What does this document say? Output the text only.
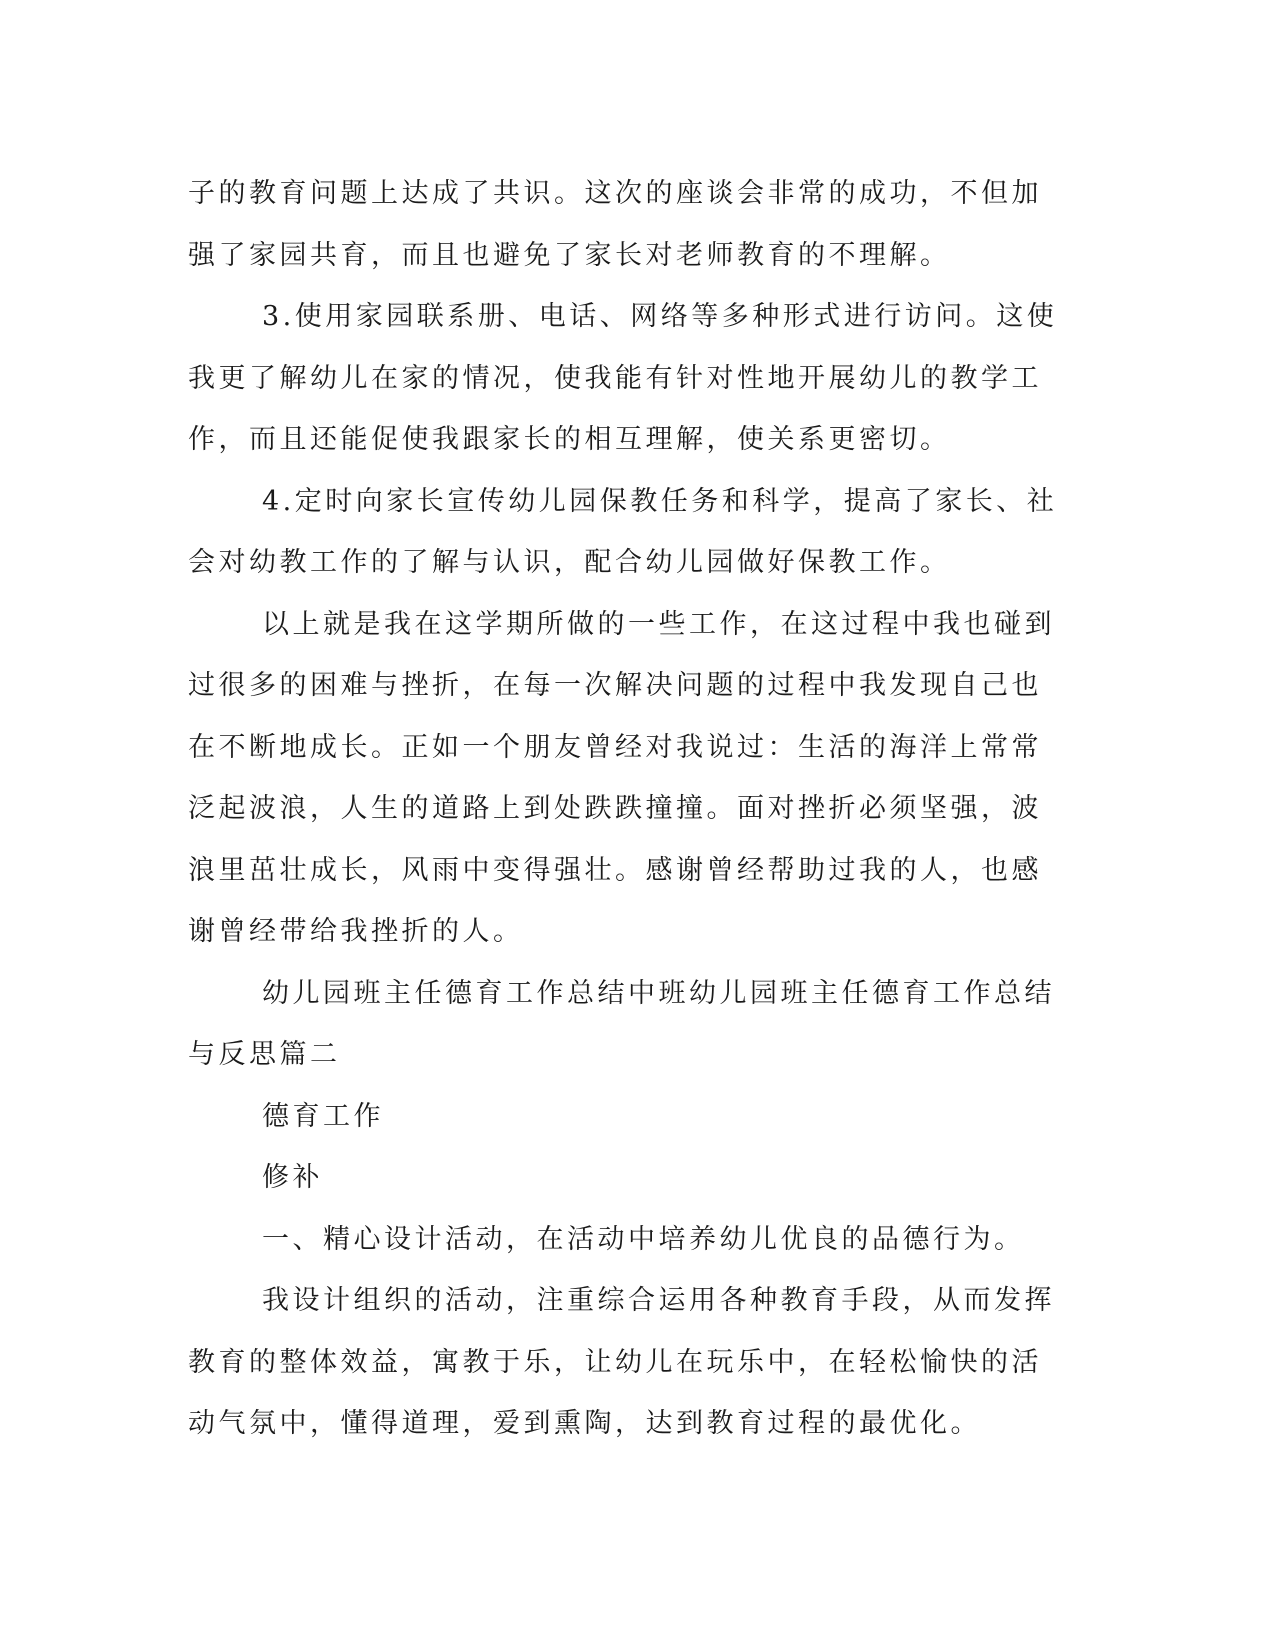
子的教育问题上达成了共识。这次的座谈会非常的成功，不但加强了家园共育，而且也避免了家长对老师教育的不理解。

3.使用家园联系册、电话、网络等多种形式进行访问。这使我更了解幼儿在家的情况，使我能有针对性地开展幼儿的教学工作，而且还能促使我跟家长的相互理解，使关系更密切。

4.定时向家长宣传幼儿园保教任务和科学，提高了家长、社会对幼教工作的了解与认识，配合幼儿园做好保教工作。

以上就是我在这学期所做的一些工作，在这过程中我也碰到过很多的困难与挫折，在每一次解决问题的过程中我发现自己也在不断地成长。正如一个朋友曾经对我说过：生活的海洋上常常泛起波浪，人生的道路上到处跌跌撞撞。面对挫折必须坚强，波浪里茁壮成长，风雨中变得强壮。感谢曾经帮助过我的人，也感谢曾经带给我挫折的人。

幼儿园班主任德育工作总结中班幼儿园班主任德育工作总结与反思篇二

德育工作

修补

一、精心设计活动，在活动中培养幼儿优良的品德行为。

我设计组织的活动，注重综合运用各种教育手段，从而发挥教育的整体效益，寓教于乐，让幼儿在玩乐中，在轻松愉快的活动气氛中，懂得道理，爱到熏陶，达到教育过程的最优化。
